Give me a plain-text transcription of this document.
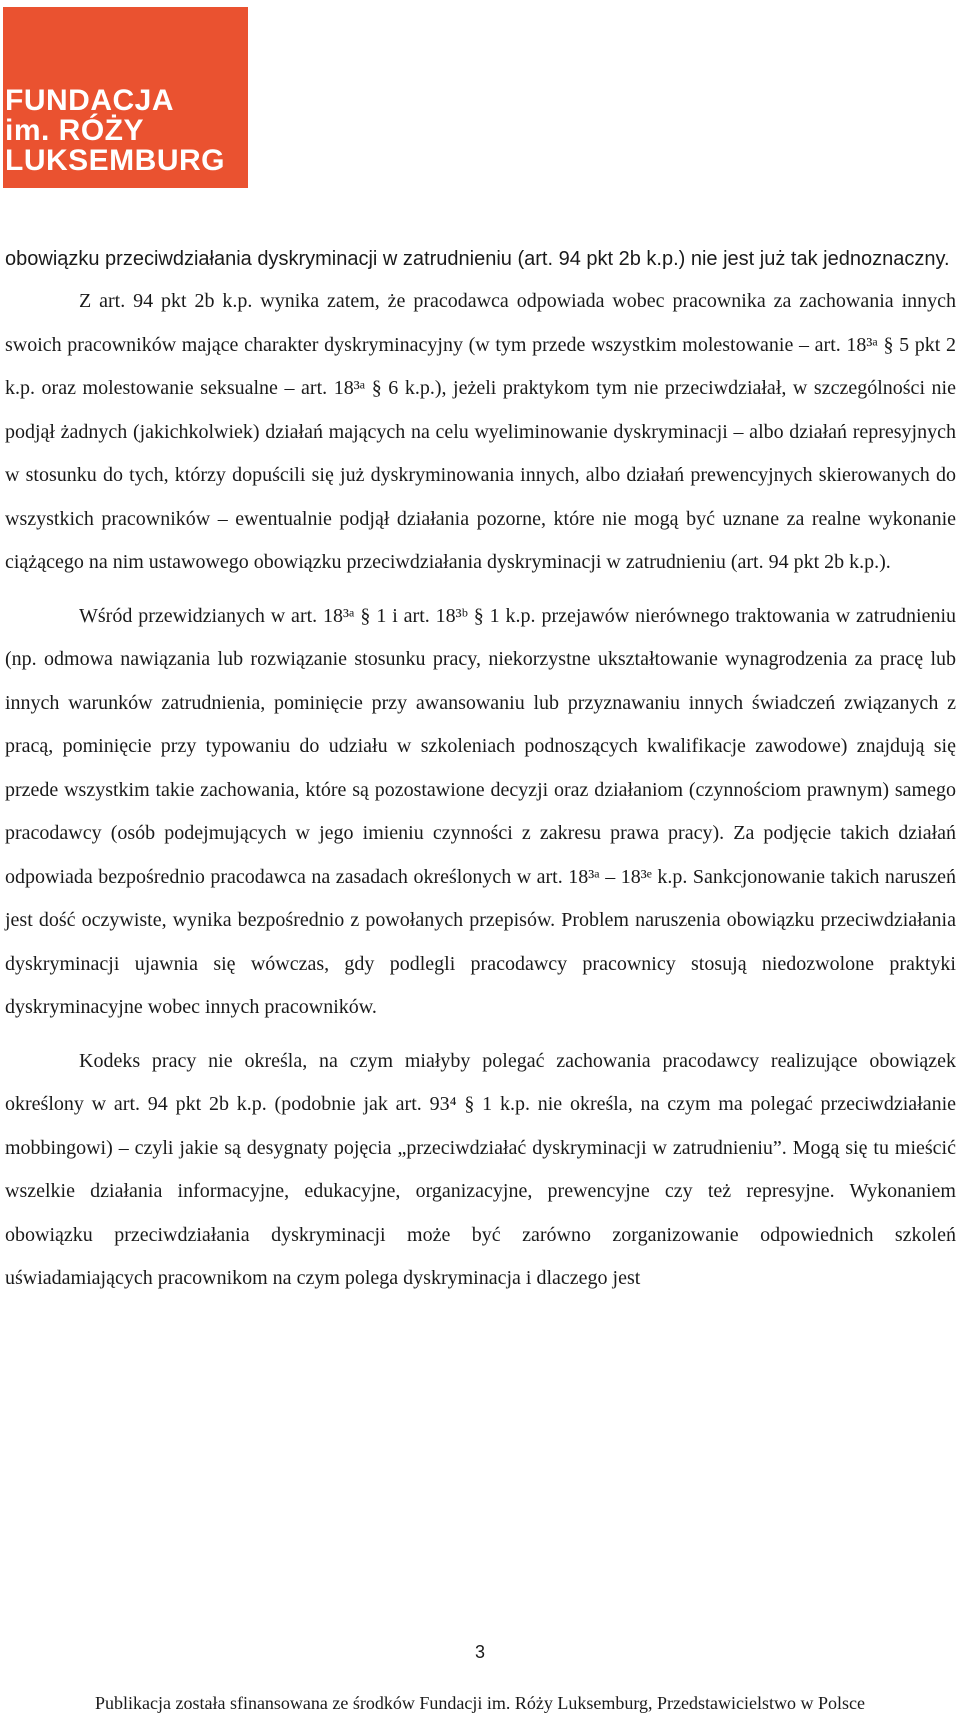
FUNDACJA
im. RÓŻY
LUKSEMBURG

obowiązku przeciwdziałania dyskryminacji w zatrudnieniu (art. 94 pkt 2b k.p.) nie jest już tak jednoznaczny.

Z art. 94 pkt 2b k.p. wynika zatem, że pracodawca odpowiada wobec pracownika za zachowania innych swoich pracowników mające charakter dyskryminacyjny (w tym przede wszystkim molestowanie – art. 18³ᵃ § 5 pkt 2 k.p. oraz molestowanie seksualne – art. 18³ᵃ § 6 k.p.), jeżeli praktykom tym nie przeciwdziałał, w szczególności nie podjął żadnych (jakichkolwiek) działań mających na celu wyeliminowanie dyskryminacji – albo działań represyjnych w stosunku do tych, którzy dopuścili się już dyskryminowania innych, albo działań prewencyjnych skierowanych do wszystkich pracowników – ewentualnie podjął działania pozorne, które nie mogą być uznane za realne wykonanie ciążącego na nim ustawowego obowiązku przeciwdziałania dyskryminacji w zatrudnieniu (art. 94 pkt 2b k.p.).

Wśród przewidzianych w art. 18³ᵃ § 1 i art. 18³ᵇ § 1 k.p. przejawów nierównego traktowania w zatrudnieniu (np. odmowa nawiązania lub rozwiązanie stosunku pracy, niekorzystne ukształtowanie wynagrodzenia za pracę lub innych warunków zatrudnienia, pominięcie przy awansowaniu lub przyznawaniu innych świadczeń związanych z pracą, pominięcie przy typowaniu do udziału w szkoleniach podnoszących kwalifikacje zawodowe) znajdują się przede wszystkim takie zachowania, które są pozostawione decyzji oraz działaniom (czynnościom prawnym) samego pracodawcy (osób podejmujących w jego imieniu czynności z zakresu prawa pracy). Za podjęcie takich działań odpowiada bezpośrednio pracodawca na zasadach określonych w art. 18³ᵃ – 18³ᵉ k.p. Sankcjonowanie takich naruszeń jest dość oczywiste, wynika bezpośrednio z powołanych przepisów. Problem naruszenia obowiązku przeciwdziałania dyskryminacji ujawnia się wówczas, gdy podlegli pracodawcy pracownicy stosują niedozwolone praktyki dyskryminacyjne wobec innych pracowników.

Kodeks pracy nie określa, na czym miałyby polegać zachowania pracodawcy realizujące obowiązek określony w art. 94 pkt 2b k.p. (podobnie jak art. 93⁴ § 1 k.p. nie określa, na czym ma polegać przeciwdziałanie mobbingowi) – czyli jakie są desygnaty pojęcia „przeciwdziałać dyskryminacji w zatrudnieniu”. Mogą się tu mieścić wszelkie działania informacyjne, edukacyjne, organizacyjne, prewencyjne czy też represyjne. Wykonaniem obowiązku przeciwdziałania dyskryminacji może być zarówno zorganizowanie odpowiednich szkoleń uświadamiających pracownikom na czym polega dyskryminacja i dlaczego jest

3
Publikacja została sfinansowana ze środków Fundacji im. Róży Luksemburg, Przedstawicielstwo w Polsce
